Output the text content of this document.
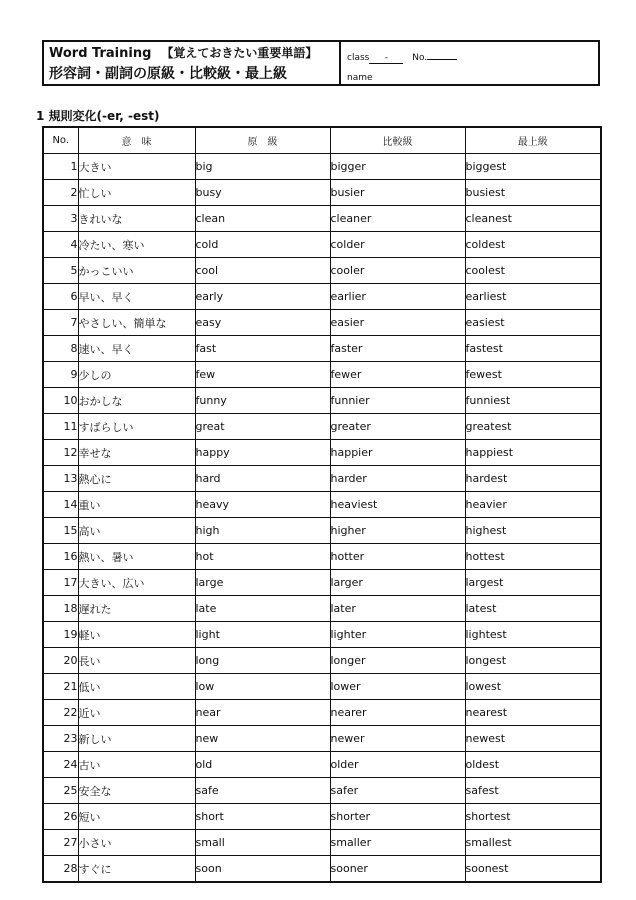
Word Training 【覚えておきたい重要単語】
形容詞・副詞の原級・比較級・最上級
class -	No.
name
1 規則変化(-er, -est)
No.	意　味	原　級	比較級	最上級
1	大きい	big	bigger	biggest
2	忙しい	busy	busier	busiest
3	きれいな	clean	cleaner	cleanest
4	冷たい、寒い	cold	colder	coldest
5	かっこいい	cool	cooler	coolest
6	早い、早く	early	earlier	earliest
7	やさしい、簡単な	easy	easier	easiest
8	速い、早く	fast	faster	fastest
9	少しの	few	fewer	fewest
10	おかしな	funny	funnier	funniest
11	すばらしい	great	greater	greatest
12	幸せな	happy	happier	happiest
13	熱心に	hard	harder	hardest
14	重い	heavy	heaviest	heavier
15	高い	high	higher	highest
16	熱い、暑い	hot	hotter	hottest
17	大きい、広い	large	larger	largest
18	遅れた	late	later	latest
19	軽い	light	lighter	lightest
20	長い	long	longer	longest
21	低い	low	lower	lowest
22	近い	near	nearer	nearest
23	新しい	new	newer	newest
24	古い	old	older	oldest
25	安全な	safe	safer	safest
26	短い	short	shorter	shortest
27	小さい	small	smaller	smallest
28	すぐに	soon	sooner	soonest
